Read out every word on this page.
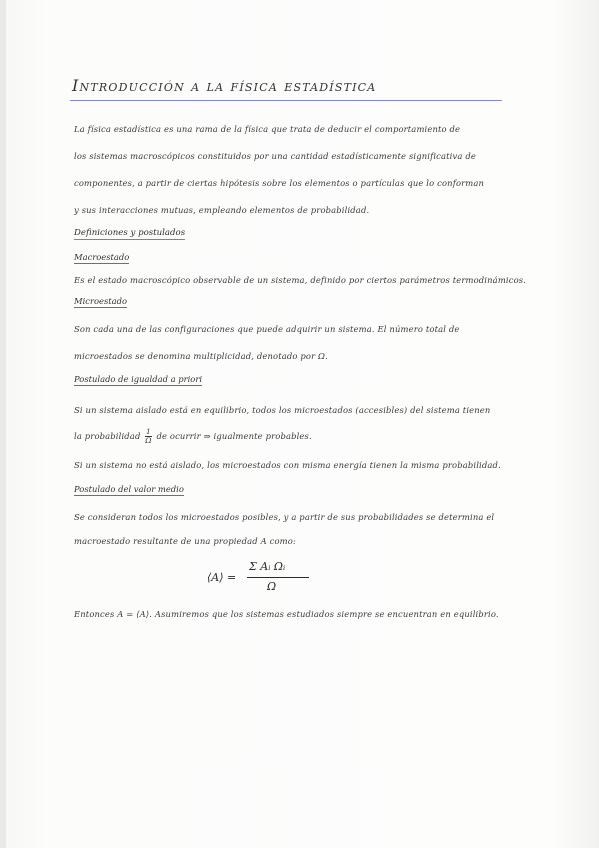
Introducción a la física estadística
La física estadística es una rama de la física que trata de deducir el comportamiento de
los sistemas macroscópicos constituidos por una cantidad estadísticamente significativa de
componentes, a partir de ciertas hipótesis sobre los elementos o partículas que lo conforman
y sus interacciones mutuas, empleando elementos de probabilidad.
Definiciones y postulados
Macroestado
Es el estado macroscópico observable de un sistema, definido por ciertos parámetros termodinámicos.
Microestado
Son cada una de las configuraciones que puede adquirir un sistema. El número total de
microestados se denomina multiplicidad, denotado por Ω.
Postulado de igualdad a priori
Si un sistema aislado está en equilibrio, todos los microestados (accesibles) del sistema tienen
la probabilidad $\frac{1}{\Omega}$ de ocurrir ⇒ igualmente probables.
Si un sistema no está aislado, los microestados con misma energía tienen la misma probabilidad.
Postulado del valor medio
Se consideran todos los microestados posibles, y a partir de sus probabilidades se determina el
macroestado resultante de una propiedad A como:
⟨A⟩ =
Σ Aᵢ Ωᵢ
Ω
Entonces A = ⟨A⟩. Asumiremos que los sistemas estudiados siempre se encuentran en equilibrio.
